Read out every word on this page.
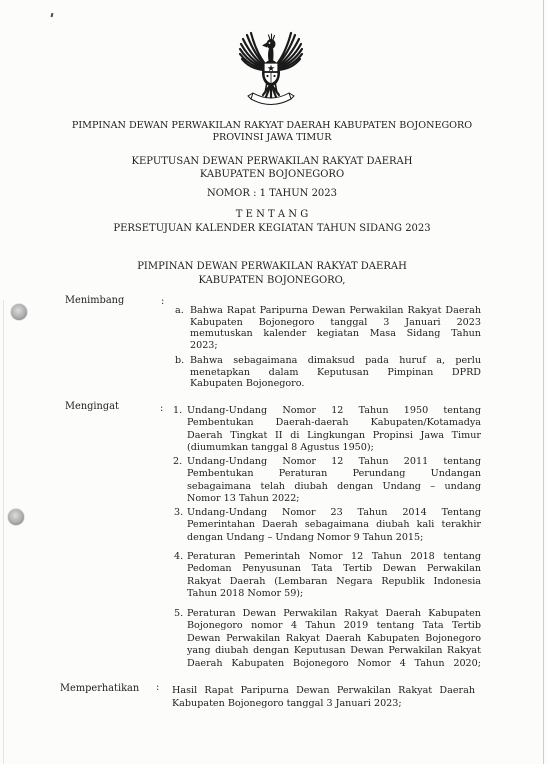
PIMPINAN DEWAN PERWAKILAN RAKYAT DAERAH KABUPATEN BOJONEGORO
PROVINSI JAWA TIMUR
KEPUTUSAN DEWAN PERWAKILAN RAKYAT DAERAH
KABUPATEN BOJONEGORO
NOMOR : 1 TAHUN 2023
T E N T A N G
PERSETUJUAN KALENDER KEGIATAN TAHUN SIDANG 2023
PIMPINAN DEWAN PERWAKILAN RAKYAT DAERAH
KABUPATEN BOJONEGORO,
Menimbang	:
a. Bahwa Rapat Paripurna Dewan Perwakilan Rakyat Daerah
Kabupaten Bojonegoro tanggal 3 Januari 2023
memutuskan kalender kegiatan Masa Sidang Tahun
2023;
b. Bahwa sebagaimana dimaksud pada huruf a, perlu
menetapkan dalam Keputusan Pimpinan DPRD
Kabupaten Bojonegoro.
Mengingat	: 1. Undang-Undang Nomor 12 Tahun 1950 tentang
Pembentukan Daerah-daerah Kabupaten/Kotamadya
Daerah Tingkat II di Lingkungan Propinsi Jawa Timur
(diumumkan tanggal 8 Agustus 1950);
2. Undang-Undang Nomor 12 Tahun 2011 tentang
Pembentukan Peraturan Perundang Undangan
sebagaimana telah diubah dengan Undang – undang
Nomor 13 Tahun 2022;
3. Undang-Undang Nomor 23 Tahun 2014 Tentang
Pemerintahan Daerah sebagaimana diubah kali terakhir
dengan Undang – Undang Nomor 9 Tahun 2015;
4. Peraturan Pemerintah Nomor 12 Tahun 2018 tentang
Pedoman Penyusunan Tata Tertib Dewan Perwakilan
Rakyat Daerah (Lembaran Negara Republik Indonesia
Tahun 2018 Nomor 59);
5. Peraturan Dewan Perwakilan Rakyat Daerah Kabupaten
Bojonegoro nomor 4 Tahun 2019 tentang Tata Tertib
Dewan Perwakilan Rakyat Daerah Kabupaten Bojonegoro
yang diubah dengan Keputusan Dewan Perwakilan Rakyat
Daerah Kabupaten Bojonegoro Nomor 4 Tahun 2020;
Memperhatikan : Hasil Rapat Paripurna Dewan Perwakilan Rakyat Daerah
Kabupaten Bojonegoro tanggal 3 Januari 2023;
